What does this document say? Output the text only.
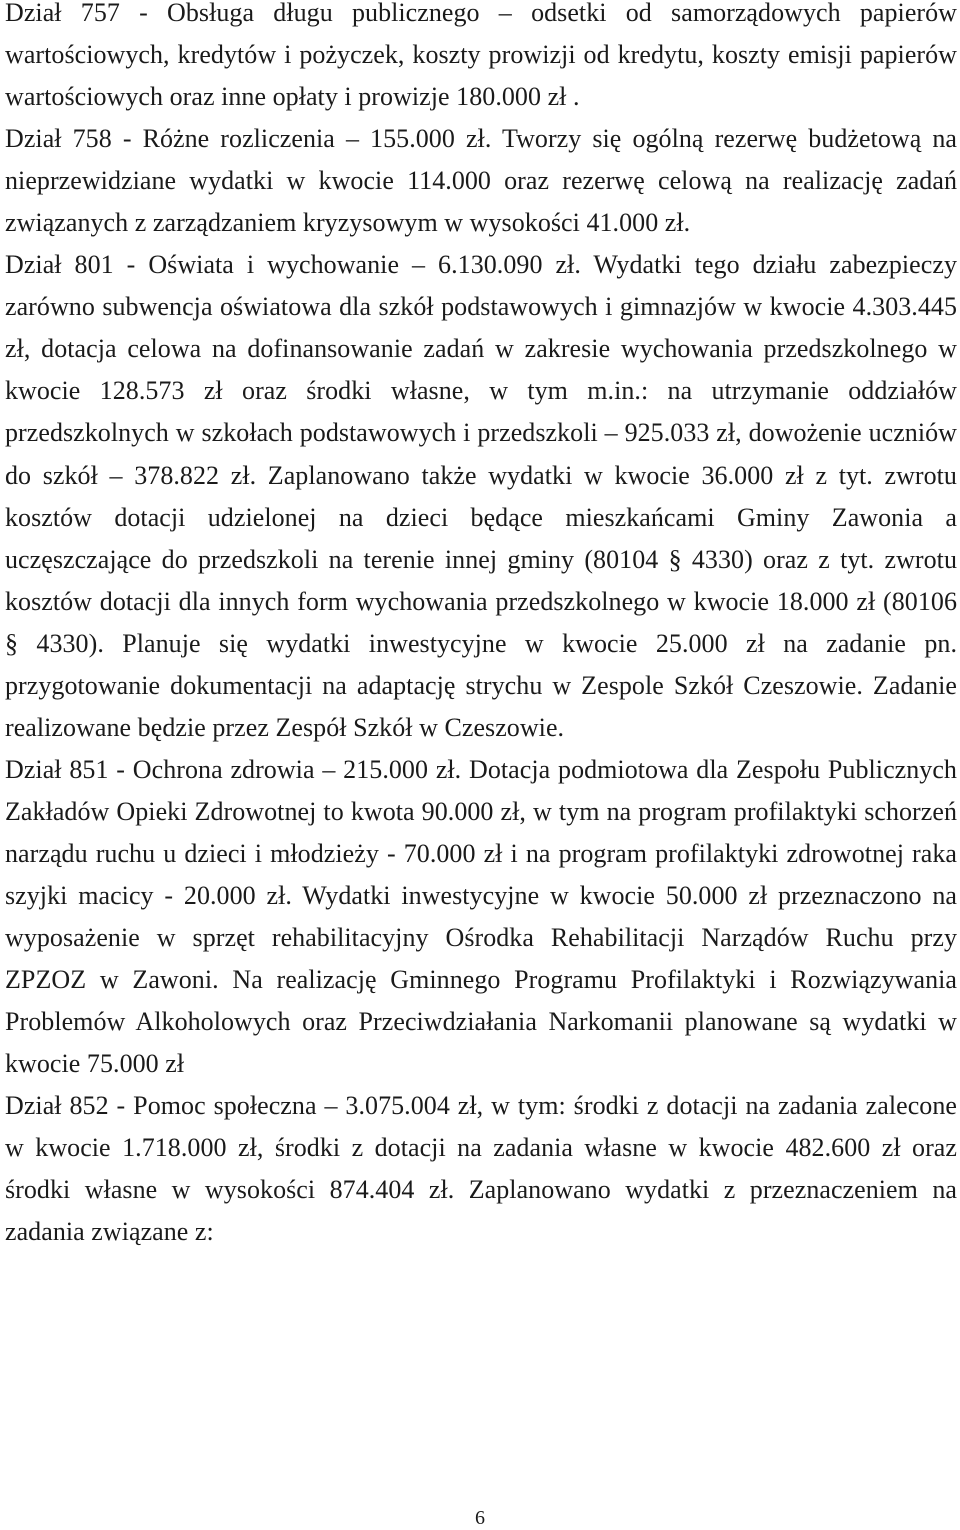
Dział 757 - Obsługa długu publicznego – odsetki od samorządowych papierów wartościowych, kredytów i pożyczek, koszty prowizji od kredytu, koszty emisji papierów wartościowych oraz inne opłaty i prowizje 180.000 zł .

Dział 758 - Różne rozliczenia – 155.000 zł. Tworzy się ogólną rezerwę budżetową na nieprzewidziane wydatki w kwocie 114.000 oraz rezerwę celową na realizację zadań związanych z zarządzaniem kryzysowym w wysokości 41.000 zł.

Dział 801 - Oświata i wychowanie – 6.130.090 zł. Wydatki tego działu zabezpieczy zarówno subwencja oświatowa dla szkół podstawowych i gimnazjów w kwocie 4.303.445 zł, dotacja celowa na dofinansowanie zadań w zakresie wychowania przedszkolnego w kwocie 128.573 zł oraz środki własne, w tym m.in.: na utrzymanie oddziałów przedszkolnych w szkołach podstawowych i przedszkoli – 925.033 zł, dowożenie uczniów do szkół – 378.822 zł. Zaplanowano także wydatki w kwocie 36.000 zł z tyt. zwrotu kosztów dotacji udzielonej na dzieci będące mieszkańcami Gminy Zawonia a uczęszczające do przedszkoli na terenie innej gminy (80104 § 4330) oraz z tyt. zwrotu kosztów dotacji dla innych form wychowania przedszkolnego w kwocie 18.000 zł (80106 § 4330). Planuje się wydatki inwestycyjne w kwocie 25.000 zł na zadanie pn. przygotowanie dokumentacji na adaptację strychu w Zespole Szkół Czeszowie. Zadanie realizowane będzie przez Zespół Szkół w Czeszowie.

Dział 851 - Ochrona zdrowia – 215.000 zł. Dotacja podmiotowa dla Zespołu Publicznych Zakładów Opieki Zdrowotnej to kwota 90.000 zł, w tym na program profilaktyki schorzeń narządu ruchu u dzieci i młodzieży - 70.000 zł i na program profilaktyki zdrowotnej raka szyjki macicy - 20.000 zł. Wydatki inwestycyjne w kwocie 50.000 zł przeznaczono na wyposażenie w sprzęt rehabilitacyjny Ośrodka Rehabilitacji Narządów Ruchu przy ZPZOZ w Zawoni. Na realizację Gminnego Programu Profilaktyki i Rozwiązywania Problemów Alkoholowych oraz Przeciwdziałania Narkomanii planowane są wydatki w kwocie 75.000 zł

Dział 852 - Pomoc społeczna – 3.075.004 zł, w tym: środki z dotacji na zadania zalecone w kwocie 1.718.000 zł, środki z dotacji na zadania własne w kwocie 482.600 zł oraz środki własne w wysokości 874.404 zł. Zaplanowano wydatki z przeznaczeniem na zadania związane z:

6
